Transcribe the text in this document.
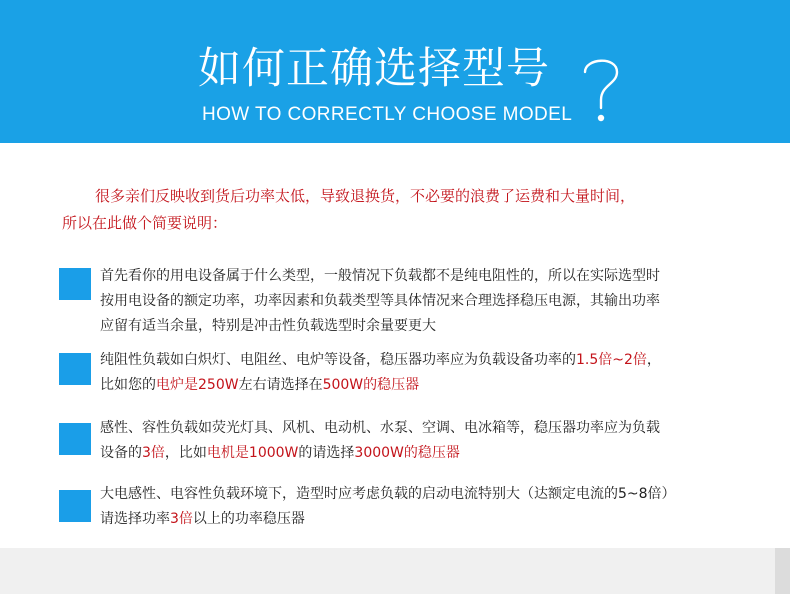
如何正确选择型号
HOW TO CORRECTLY CHOOSE MODEL
很多亲们反映收到货后功率太低，导致退换货，不必要的浪费了运费和大量时间，
所以在此做个简要说明：
首先看你的用电设备属于什么类型，一般情况下负载都不是纯电阻性的，所以在实际选型时
按用电设备的额定功率，功率因素和负载类型等具体情况来合理选择稳压电源，其输出功率
应留有适当余量，特别是冲击性负载选型时余量要更大
纯阻性负载如白炽灯、电阻丝、电炉等设备，稳压器功率应为负载设备功率的1.5倍~2倍，
比如您的电炉是250W左右请选择在500W的稳压器
感性、容性负载如荧光灯具、风机、电动机、水泵、空调、电冰箱等，稳压器功率应为负载
设备的3倍，比如电机是1000W的请选择3000W的稳压器
大电感性、电容性负载环境下，造型时应考虑负载的启动电流特别大（达额定电流的5~8倍）
请选择功率3倍以上的功率稳压器
